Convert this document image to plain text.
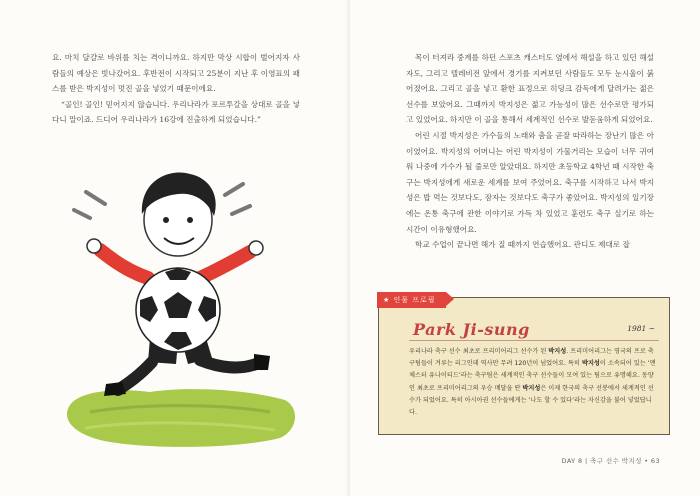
요. 마치 달걀로 바위를 치는 격이니까요. 하지만 막상 시합이 벌어지자 사람들의 예상은 빗나갔어요. 후반전이 시작되고 25분이 지난 후 이영표의 패스를 받은 박지성이 멋진 골을 넣었기 때문이에요.

“골인! 골인! 믿어지지 않습니다. 우리나라가 포르투갈을 상대로 골을 넣다니 말이죠. 드디어 우리나라가 16강에 진출하게 되었습니다.”

목이 터져라 중계를 하던 스포츠 캐스터도 옆에서 해설을 하고 있던 해설자도, 그리고 텔레비전 앞에서 경기를 지켜보던 사람들도 모두 눈시울이 붉어졌어요. 그리고 골을 넣고 환한 표정으로 히딩크 감독에게 달려가는 젊은 선수를 보았어요. 그때까지 박지성은 젊고 가능성이 많은 선수로만 평가되고 있었어요. 하지만 이 골을 통해서 세계적인 선수로 발돋움하게 되었어요.

어린 시절 박지성은 가수들의 노래와 춤을 곧잘 따라하는 장난기 많은 아이였어요. 박지성의 어머니는 어린 박지성이 가물거리는 모습이 너무 귀여워 나중에 가수가 될 줄로만 알았대요. 하지만 초등학교 4학년 때 시작한 축구는 박지성에게 새로운 세계를 보여 주었어요. 축구를 시작하고 나서 박지성은 밥 먹는 것보다도, 잠자는 것보다도 축구가 좋았어요. 박지성의 일기장에는 온통 축구에 관한 이야기로 가득 차 있었고 훈련도 축구 실기로 하는 시간이 이유형했어요.

학교 수업이 끝나면 해가 질 때까지 연습했어요. 관디도 제대로 잡

★ 인물 프로필
Park Ji-sung	1981 ~
우리나라 축구 선수 최초로 프리미어리그 선수가 된 박지성. 프리미어리그는 영국의 프로 축구팀들이 겨루는 리그인데 역사만 무려 120년이 넘었어요. 특히 박지성이 소속되어 있는 ‘맨체스터 유나이티드’라는 축구팀은 세계적인 축구 선수들이 모여 있는 팀으로 유명해요. 동양인 최초로 프리미어리그의 우승 메달을 딴 박지성은 이제 한국의 축구 선봉에서 세계적인 선수가 되었어요. 특히 아시아권 선수들에게는 ‘나도 할 수 있다’라는 자신감을 불어 넣었답니다.
DAY 8 | 축구 선수 박지성 • 63
